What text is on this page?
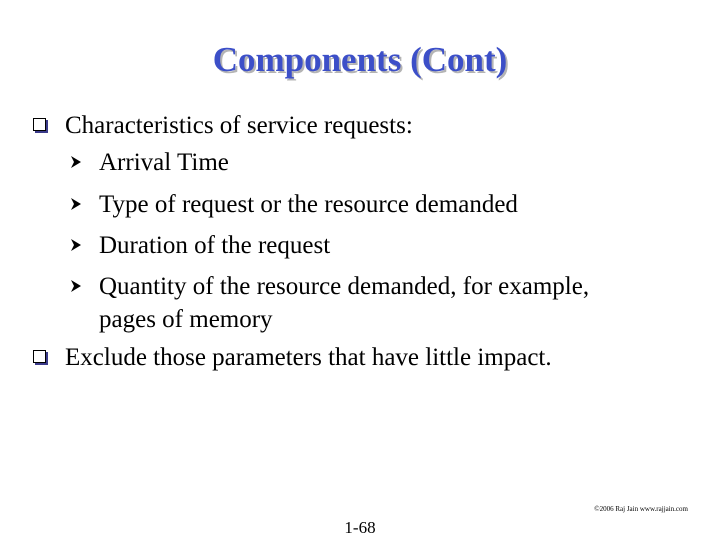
Components (Cont)
Characteristics of service requests:
Arrival Time
Type of request or the resource demanded
Duration of the request
Quantity of the resource demanded, for example,
pages of memory
Exclude those parameters that have little impact.
©2006 Raj Jain www.rajjain.com
1-68
